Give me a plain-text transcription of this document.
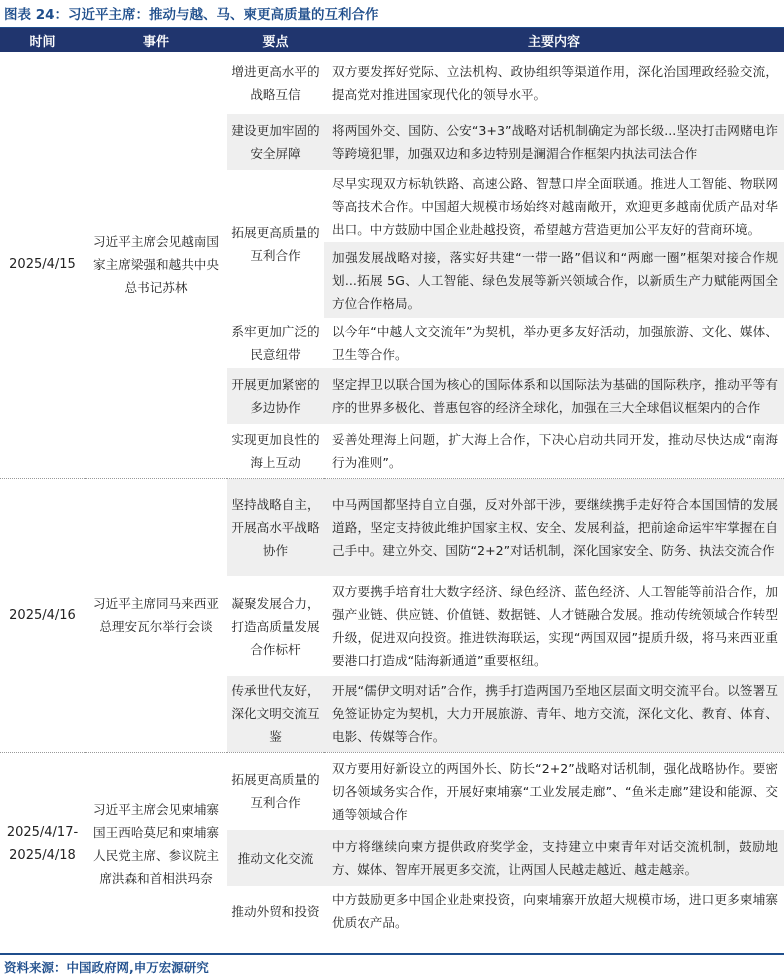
图表 24：习近平主席：推动与越、马、柬更高质量的互利合作
时间	事件	要点	主要内容
2025/4/15	习近平主席会见越南国家主席梁强和越共中央总书记苏林	增进更高水平的战略互信	双方要发挥好党际、立法机构、政协组织等渠道作用，深化治国理政经验交流，提高党对推进国家现代化的领导水平。
		建设更加牢固的安全屏障	将两国外交、国防、公安“3+3”战略对话机制确定为部长级...坚决打击网赌电诈等跨境犯罪，加强双边和多边特别是澜湄合作框架内执法司法合作
		拓展更高质量的互利合作	尽早实现双方标轨铁路、高速公路、智慧口岸全面联通。推进人工智能、物联网等高技术合作。中国超大规模市场始终对越南敞开，欢迎更多越南优质产品对华出口。中方鼓励中国企业赴越投资，希望越方营造更加公平友好的营商环境。
			加强发展战略对接，落实好共建“一带一路”倡议和“两廊一圈”框架对接合作规划...拓展 5G、人工智能、绿色发展等新兴领域合作，以新质生产力赋能两国全方位合作格局。
		系牢更加广泛的民意纽带	以今年“中越人文交流年”为契机，举办更多友好活动，加强旅游、文化、媒体、卫生等合作。
		开展更加紧密的多边协作	坚定捍卫以联合国为核心的国际体系和以国际法为基础的国际秩序，推动平等有序的世界多极化、普惠包容的经济全球化，加强在三大全球倡议框架内的合作
		实现更加良性的海上互动	妥善处理海上问题，扩大海上合作，下决心启动共同开发，推动尽快达成“南海行为准则”。
2025/4/16	习近平主席同马来西亚总理安瓦尔举行会谈	坚持战略自主，开展高水平战略协作	中马两国都坚持自立自强，反对外部干涉，要继续携手走好符合本国国情的发展道路，坚定支持彼此维护国家主权、安全、发展利益，把前途命运牢牢掌握在自己手中。建立外交、国防“2+2”对话机制，深化国家安全、防务、执法交流合作
		凝聚发展合力，打造高质量发展合作标杆	双方要携手培育壮大数字经济、绿色经济、蓝色经济、人工智能等前沿合作，加强产业链、供应链、价值链、数据链、人才链融合发展。推动传统领域合作转型升级，促进双向投资。推进铁海联运，实现“两国双园”提质升级，将马来西亚重要港口打造成“陆海新通道”重要枢纽。
		传承世代友好，深化文明交流互鉴	开展“儒伊文明对话”合作，携手打造两国乃至地区层面文明交流平台。以签署互免签证协定为契机，大力开展旅游、青年、地方交流，深化文化、教育、体育、电影、传媒等合作。
2025/4/17-2025/4/18	习近平主席会见柬埔寨国王西哈莫尼和柬埔寨人民党主席、参议院主席洪森和首相洪玛奈	拓展更高质量的互利合作	双方要用好新设立的两国外长、防长“2+2”战略对话机制，强化战略协作。要密切各领域务实合作，开展好柬埔寨“工业发展走廊”、“鱼米走廊”建设和能源、交通等领域合作
		推动文化交流	中方将继续向柬方提供政府奖学金，支持建立中柬青年对话交流机制，鼓励地方、媒体、智库开展更多交流，让两国人民越走越近、越走越亲。
		推动外贸和投资	中方鼓励更多中国企业赴柬投资，向柬埔寨开放超大规模市场，进口更多柬埔寨优质农产品。
资料来源：中国政府网,申万宏源研究
